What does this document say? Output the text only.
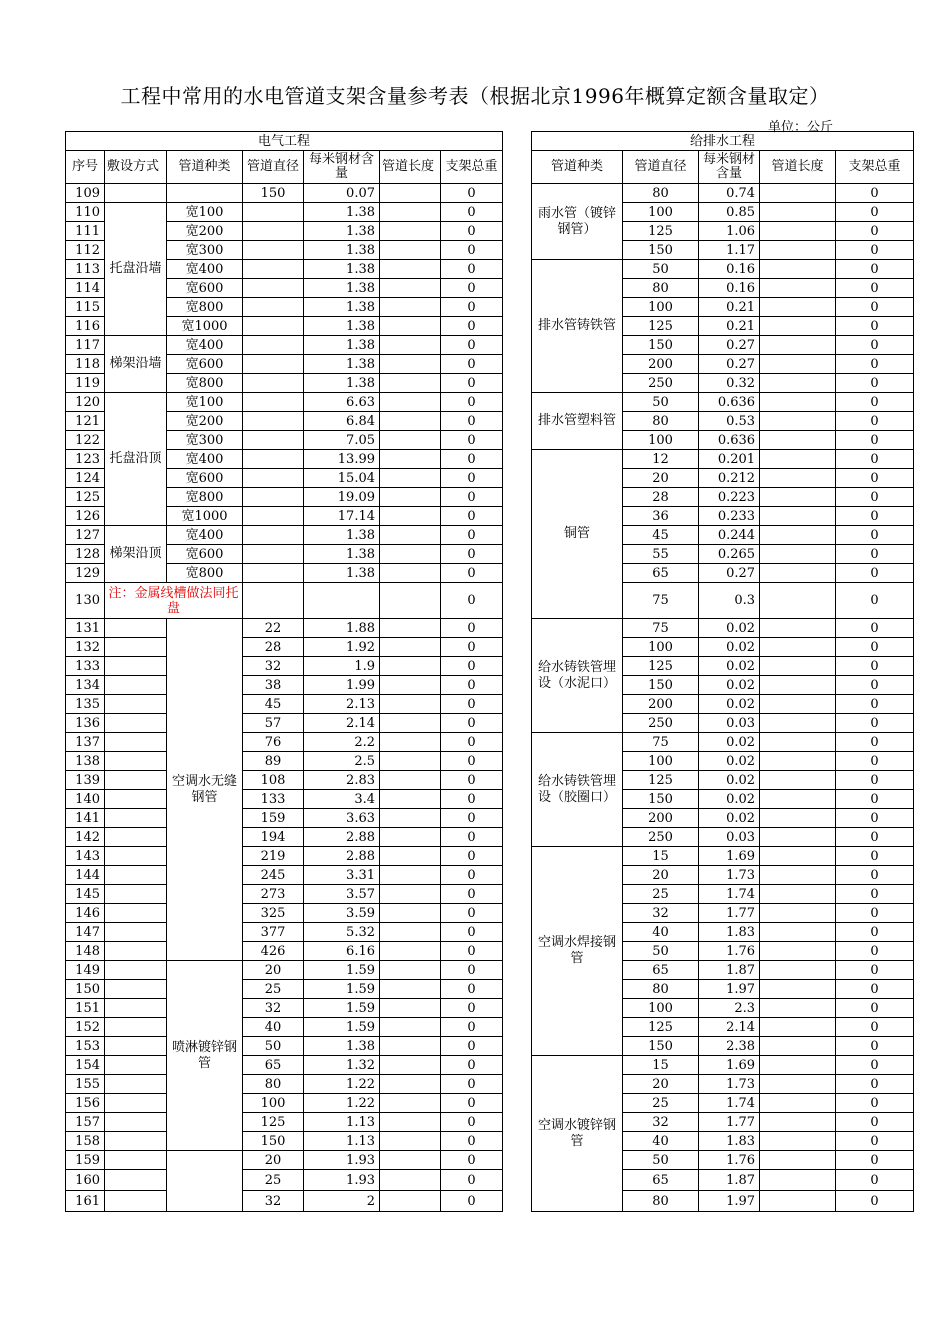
工程中常用的水电管道支架含量参考表（根据北京1996年概算定额含量取定）
单位：公斤
电气工程								给排水工程				
序号	敷设方式	管道种类	管道直径	每米钢材含量	管道长度	支架总重		管道种类	管道直径	每米钢材含量	管道长度	支架总重
109			150	0.07		0		雨水管（镀锌钢管）	80	0.74		0
110	托盘沿墙	宽100		1.38		0			100	0.85		0
111		宽200		1.38		0			125	1.06		0
112		宽300		1.38		0			150	1.17		0
113		宽400		1.38		0		排水管铸铁管	50	0.16		0
114		宽600		1.38		0			80	0.16		0
115		宽800		1.38		0			100	0.21		0
116		宽1000		1.38		0			125	0.21		0
117	梯架沿墙	宽400		1.38		0			150	0.27		0
118		宽600		1.38		0			200	0.27		0
119		宽800		1.38		0			250	0.32		0
120	托盘沿顶	宽100		6.63		0		排水管塑料管	50	0.636		0
121		宽200		6.84		0			80	0.53		0
122		宽300		7.05		0			100	0.636		0
123		宽400		13.99		0		铜管	12	0.201		0
124		宽600		15.04		0			20	0.212		0
125		宽800		19.09		0			28	0.223		0
126		宽1000		17.14		0			36	0.233		0
127	梯架沿顶	宽400		1.38		0			45	0.244		0
128		宽600		1.38		0			55	0.265		0
129		宽800		1.38		0			65	0.27		0
130	注：金属线槽做法同托盘					0			75	0.3		0
131		空调水无缝钢管	22	1.88		0		给水铸铁管埋设（水泥口）	75	0.02		0
132			28	1.92		0			100	0.02		0
133			32	1.9		0			125	0.02		0
134			38	1.99		0			150	0.02		0
135			45	2.13		0			200	0.02		0
136			57	2.14		0			250	0.03		0
137			76	2.2		0		给水铸铁管埋设（胶圈口）	75	0.02		0
138			89	2.5		0			100	0.02		0
139			108	2.83		0			125	0.02		0
140			133	3.4		0			150	0.02		0
141			159	3.63		0			200	0.02		0
142			194	2.88		0			250	0.03		0
143			219	2.88		0		空调水焊接钢管	15	1.69		0
144			245	3.31		0			20	1.73		0
145			273	3.57		0			25	1.74		0
146			325	3.59		0			32	1.77		0
147			377	5.32		0			40	1.83		0
148			426	6.16		0			50	1.76		0
149		喷淋镀锌钢管	20	1.59		0			65	1.87		0
150			25	1.59		0			80	1.97		0
151			32	1.59		0			100	2.3		0
152			40	1.59		0			125	2.14		0
153			50	1.38		0			150	2.38		0
154			65	1.32		0		空调水镀锌钢管	15	1.69		0
155			80	1.22		0			20	1.73		0
156			100	1.22		0			25	1.74		0
157			125	1.13		0			32	1.77		0
158			150	1.13		0			40	1.83		0
159			20	1.93		0			50	1.76		0
160			25	1.93		0			65	1.87		0
161			32	2		0			80	1.97		0
